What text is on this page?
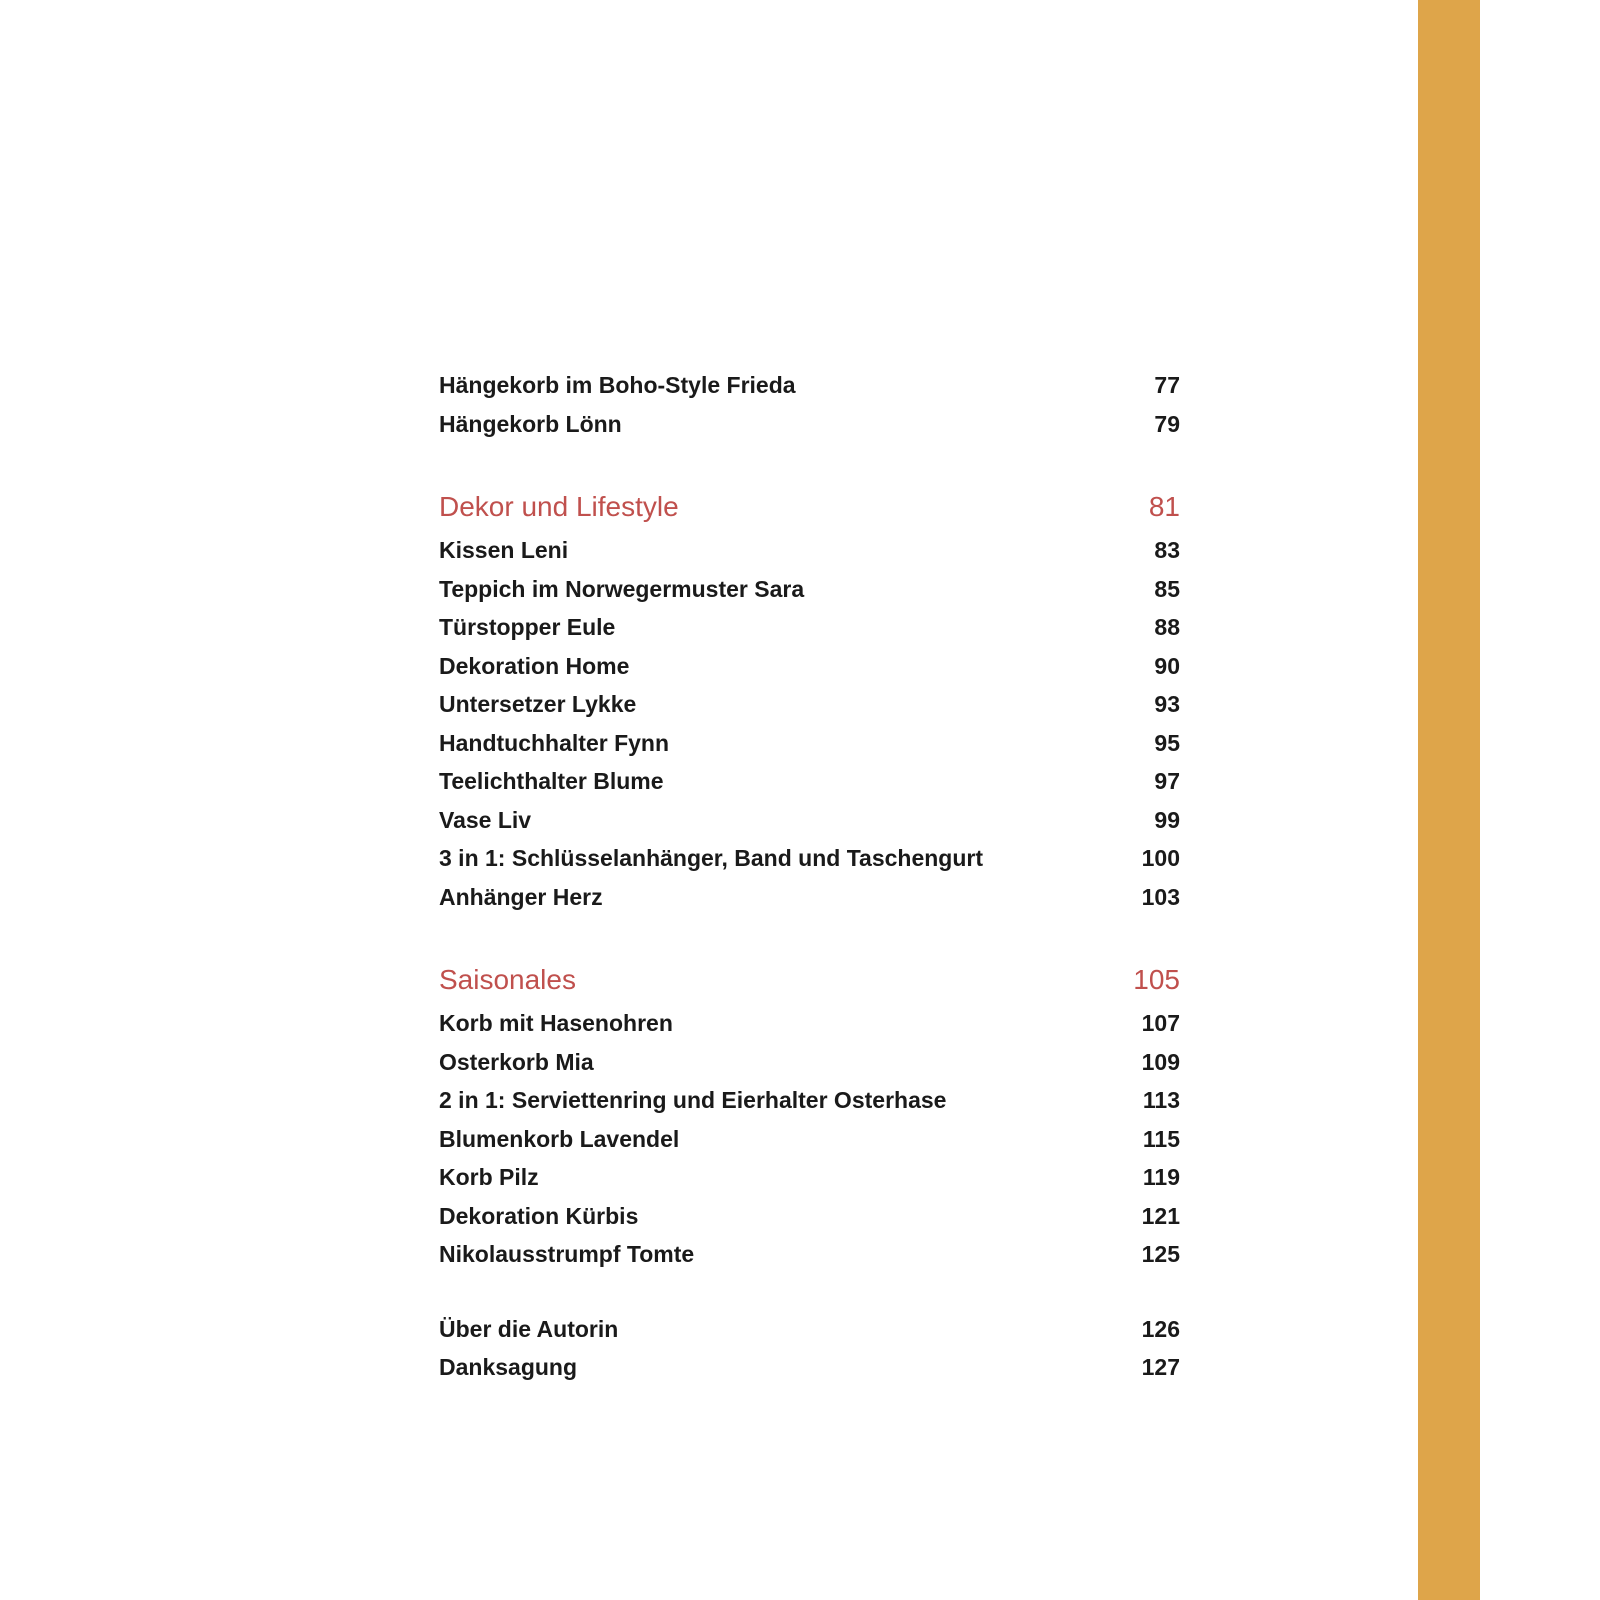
Hängekorb im Boho-Style Frieda	77
Hängekorb Lönn	79
Dekor und Lifestyle	81
Kissen Leni	83
Teppich im Norwegermuster Sara	85
Türstopper Eule	88
Dekoration Home	90
Untersetzer Lykke	93
Handtuchhalter Fynn	95
Teelichthalter Blume	97
Vase Liv	99
3 in 1: Schlüsselanhänger, Band und Taschengurt	100
Anhänger Herz	103
Saisonales	105
Korb mit Hasenohren	107
Osterkorb Mia	109
2 in 1: Serviettenring und Eierhalter Osterhase	113
Blumenkorb Lavendel	115
Korb Pilz	119
Dekoration Kürbis	121
Nikolausstrumpf Tomte	125
Über die Autorin	126
Danksagung	127
